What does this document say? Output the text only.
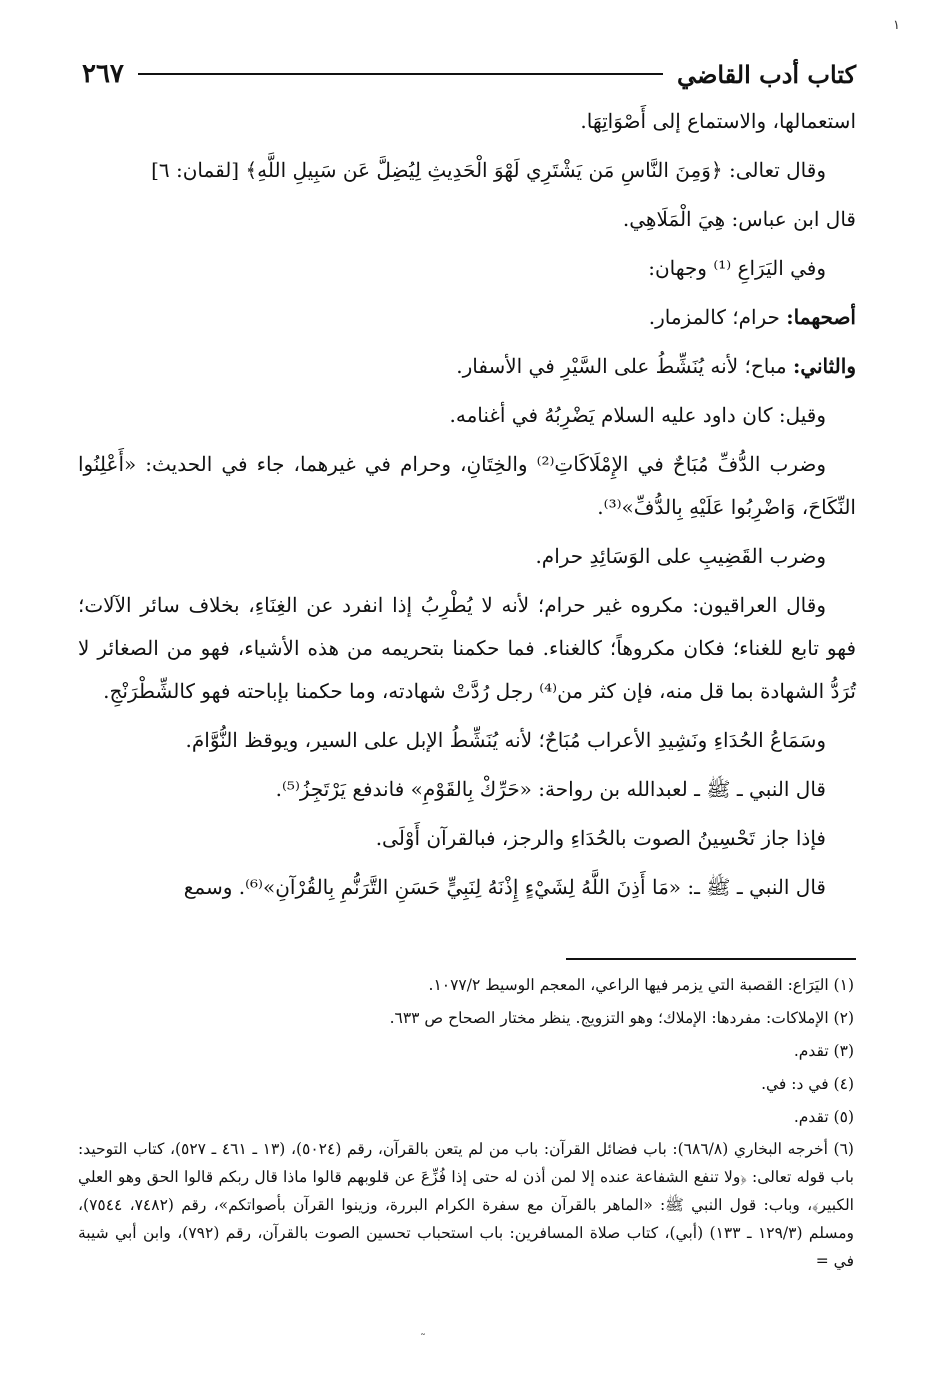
١
كتاب أدب القاضي
٢٦٧

استعمالها، والاستماع إلى أَصْوَاتِهَا.

وقال تعالى: ﴿وَمِنَ النَّاسِ مَن يَشْتَرِي لَهْوَ الْحَدِيثِ لِيُضِلَّ عَن سَبِيلِ اللَّهِ﴾ [لقمان: ٦]

قال ابن عباس: هِيَ الْمَلَاهِي.

وفي اليَرَاعِ ⁽¹⁾ وجهان:

أصحهما: حرام؛ كالمزمار.

والثاني: مباح؛ لأنه يُنَشِّطُ على السَّيْرِ في الأسفار.

وقيل: كان داود عليه السلام يَضْرِبُهُ في أغنامه.

وضرب الدُّفِّ مُبَاحٌ في الإِمْلَاكَاتِ⁽²⁾ والخِتَانِ، وحرام في غيرهما، جاء في الحديث: «أَعْلِنُوا النِّكَاحَ، وَاضْرِبُوا عَلَيْهِ بِالدُّفِّ»⁽³⁾.

وضرب القَضِيبِ على الوَسَائِدِ حرام.

وقال العراقيون: مكروه غير حرام؛ لأنه لا يُطْرِبُ إذا انفرد عن الغِنَاءِ، بخلاف سائر الآلات؛ فهو تابع للغناء؛ فكان مكروهاً؛ كالغناء. فما حكمنا بتحريمه من هذه الأشياء، فهو من الصغائر لا تُرَدُّ الشهادة بما قل منه، فإن كثر من⁽⁴⁾ رجل رُدَّتْ شهادته، وما حكمنا بإباحته فهو كالشِّطْرَنْجِ.

وسَمَاعُ الحُدَاءِ ونَشِيدِ الأعراب مُبَاحٌ؛ لأنه يُنَشِّطُ الإبل على السير، ويوقظ النُّوَّامَ.

قال النبي ـ ﷺ ـ لعبدالله بن رواحة: «حَرِّكْ بِالقَوْمِ» فاندفع يَرْتَجِزُ⁽⁵⁾.

فإذا جاز تَحْسِينُ الصوت بالحُدَاءِ والرجز، فبالقرآن أَوْلَى.

قال النبي ـ ﷺ ـ: «مَا أَذِنَ اللَّهُ لِشَيْءٍ إِذْنَهُ لِنَبِيٍّ حَسَنِ التَّرَنُّمِ بِالقُرْآنِ»⁽⁶⁾. وسمع

(١) اليَرَاع: القصبة التي يزمر فيها الراعي، المعجم الوسيط ١٠٧٧/٢.

(٢) الإملاكات: مفردها: الإملاك؛ وهو التزويج. ينظر مختار الصحاح ص ٦٣٣.

(٣) تقدم.

(٤) في د: في.

(٥) تقدم.

(٦) أخرجه البخاري (٦٨٦/٨): باب فضائل القرآن: باب من لم يتعن بالقرآن، رقم (٥٠٢٤)، (١٣ ـ ٤٦١ ـ ٥٢٧)، كتاب التوحيد: باب قوله تعالى: ﴿ولا تنفع الشفاعة عنده إلا لمن أذن له حتى إذا فُزِّعَ عن قلوبهم قالوا ماذا قال ربكم قالوا الحق وهو العلي الكبير﴾، وباب: قول النبي ﷺ: «الماهر بالقرآن مع سفرة الكرام البررة، وزينوا القرآن بأصواتكم»، رقم (٧٤٨٢، ٧٥٤٤)، ومسلم (١٢٩/٣ ـ ١٣٣) (أبي)، كتاب صلاة المسافرين: باب استحباب تحسين الصوت بالقرآن، رقم (٧٩٢)، وابن أبي شيبة في =

˜
